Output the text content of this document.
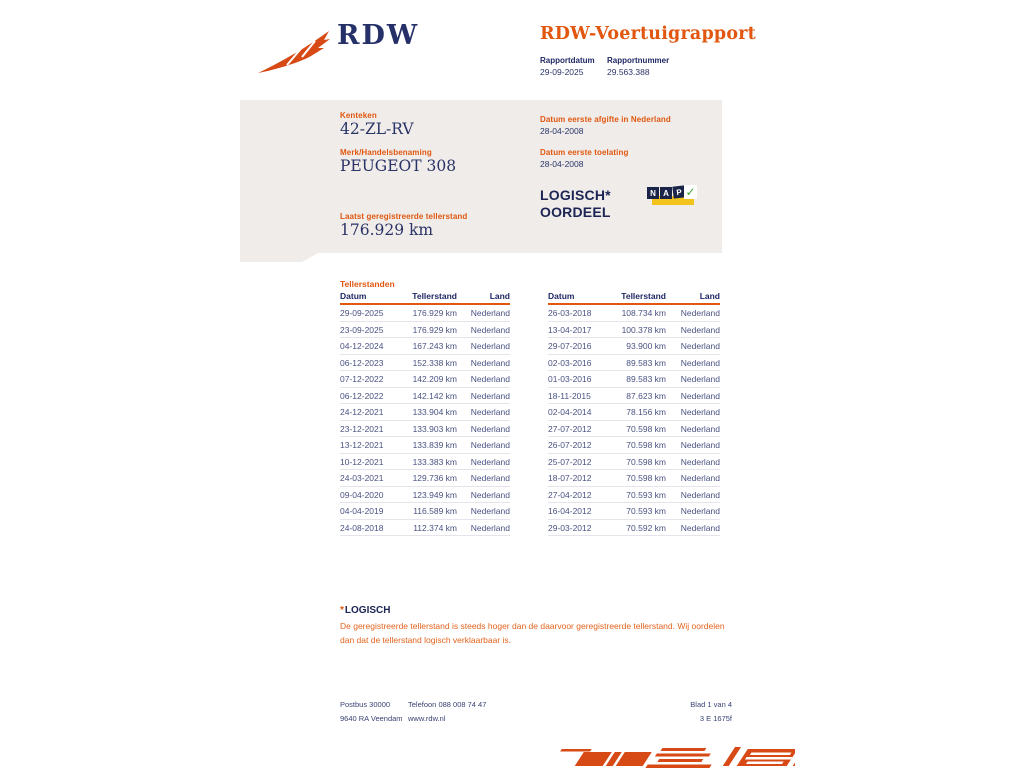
RDW	RDW-Voertuigrapport
Rapportdatum
29-09-2025
Rapportnummer
29.563.388
Kenteken
42-ZL-RV
Merk/Handelsbenaming
PEUGEOT 308
Laatst geregistreerde tellerstand
176.929 km
Datum eerste afgifte in Nederland
28-04-2008
Datum eerste toelating
28-04-2008
LOGISCH*
OORDEEL
N A P ✓
Tellerstanden
Datum	Tellerstand	Land
29-09-2025	176.929 km	Nederland
23-09-2025	176.929 km	Nederland
04-12-2024	167.243 km	Nederland
06-12-2023	152.338 km	Nederland
07-12-2022	142.209 km	Nederland
06-12-2022	142.142 km	Nederland
24-12-2021	133.904 km	Nederland
23-12-2021	133.903 km	Nederland
13-12-2021	133.839 km	Nederland
10-12-2021	133.383 km	Nederland
24-03-2021	129.736 km	Nederland
09-04-2020	123.949 km	Nederland
04-04-2019	116.589 km	Nederland
24-08-2018	112.374 km	Nederland
Datum	Tellerstand	Land
26-03-2018	108.734 km	Nederland
13-04-2017	100.378 km	Nederland
29-07-2016	93.900 km	Nederland
02-03-2016	89.583 km	Nederland
01-03-2016	89.583 km	Nederland
18-11-2015	87.623 km	Nederland
02-04-2014	78.156 km	Nederland
27-07-2012	70.598 km	Nederland
26-07-2012	70.598 km	Nederland
25-07-2012	70.598 km	Nederland
18-07-2012	70.598 km	Nederland
27-04-2012	70.593 km	Nederland
16-04-2012	70.593 km	Nederland
29-03-2012	70.592 km	Nederland
*LOGISCH
De geregistreerde tellerstand is steeds hoger dan de daarvoor geregistreerde tellerstand. Wij oordelen dan dat de tellerstand logisch verklaarbaar is.
Postbus 30000
9640 RA Veendam
Telefoon 088 008 74 47
www.rdw.nl
Blad 1 van 4
3 E 1675f
